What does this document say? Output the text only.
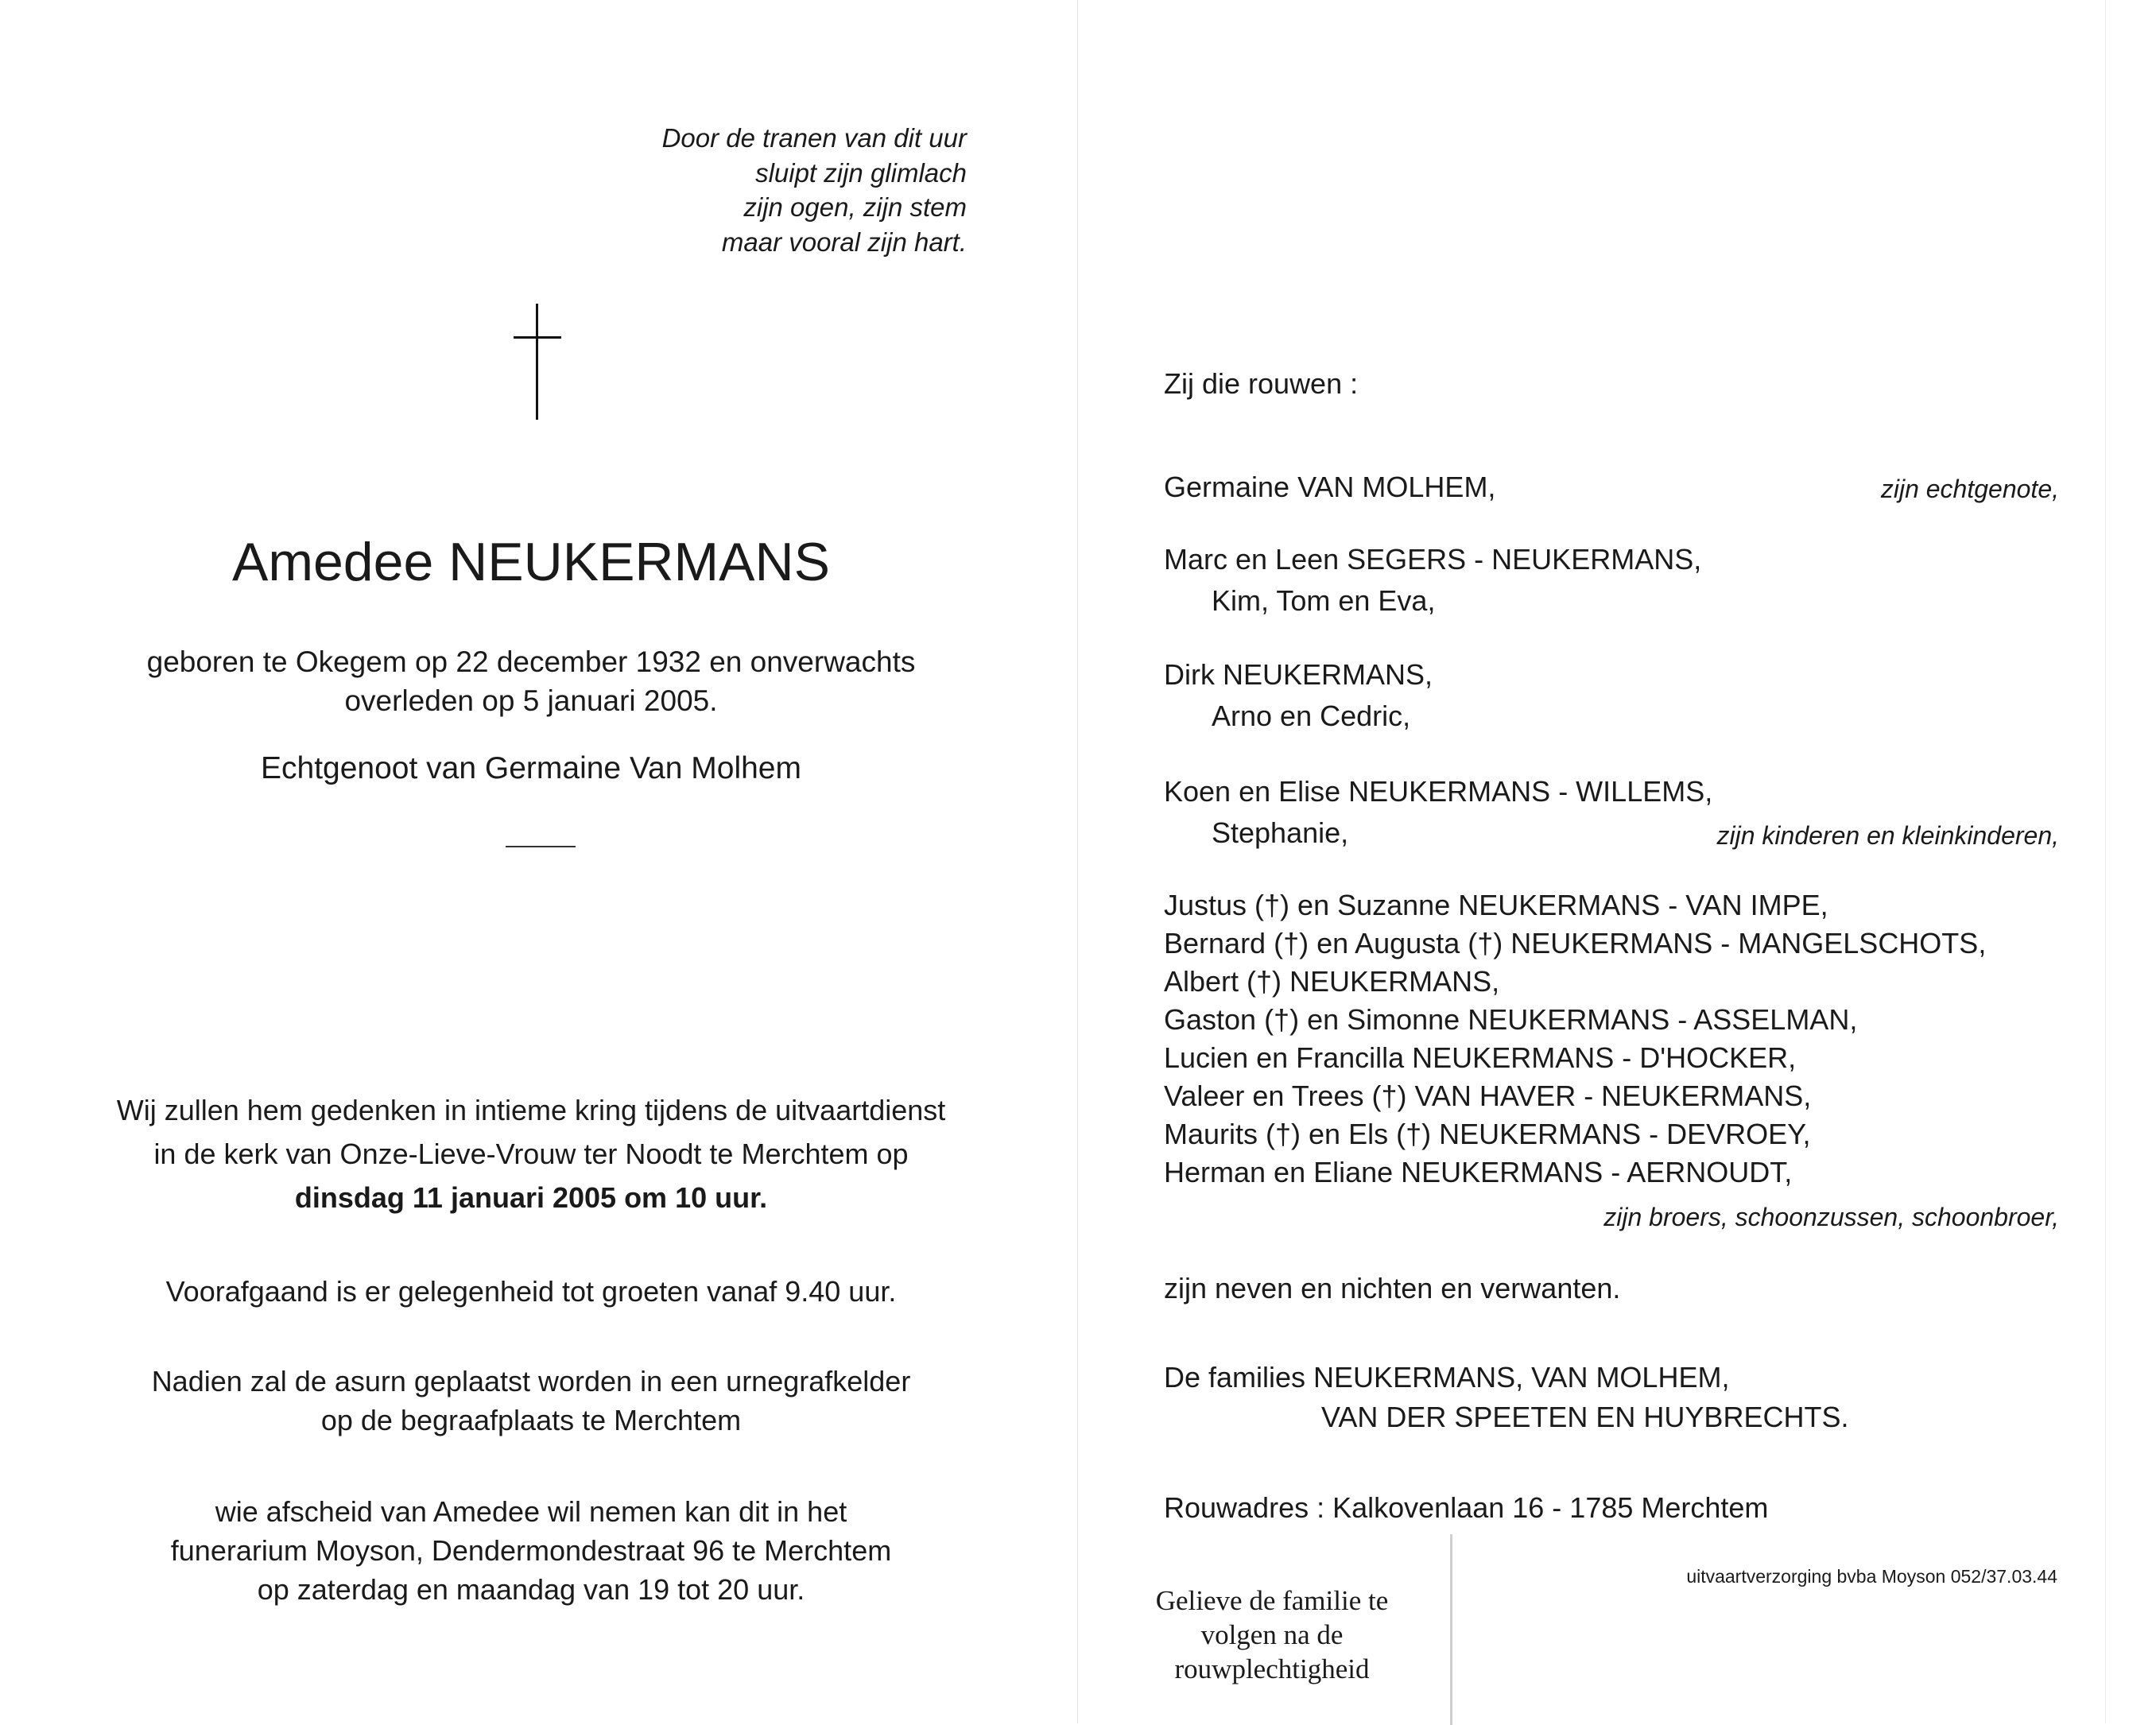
Door de tranen van dit uur
sluipt zijn glimlach
zijn ogen, zijn stem
maar vooral zijn hart.
Amedee NEUKERMANS
geboren te Okegem op 22 december 1932 en onverwachts
overleden op 5 januari 2005.
Echtgenoot van Germaine Van Molhem
Wij zullen hem gedenken in intieme kring tijdens de uitvaartdienst
in de kerk van Onze-Lieve-Vrouw ter Noodt te Merchtem op
dinsdag 11 januari 2005 om 10 uur.
Voorafgaand is er gelegenheid tot groeten vanaf 9.40 uur.
Nadien zal de asurn geplaatst worden in een urnegrafkelder
op de begraafplaats te Merchtem
wie afscheid van Amedee wil nemen kan dit in het
funerarium Moyson, Dendermondestraat 96 te Merchtem
op zaterdag en maandag van 19 tot 20 uur.
Zij die rouwen :
Germaine VAN MOLHEM,	zijn echtgenote,
Marc en Leen SEGERS - NEUKERMANS,
Kim, Tom en Eva,
Dirk NEUKERMANS,
Arno en Cedric,
Koen en Elise NEUKERMANS - WILLEMS,
Stephanie,	zijn kinderen en kleinkinderen,
Justus (†) en Suzanne NEUKERMANS - VAN IMPE,
Bernard (†) en Augusta (†) NEUKERMANS - MANGELSCHOTS,
Albert (†) NEUKERMANS,
Gaston (†) en Simonne NEUKERMANS - ASSELMAN,
Lucien en Francilla NEUKERMANS - D'HOCKER,
Valeer en Trees (†) VAN HAVER - NEUKERMANS,
Maurits (†) en Els (†) NEUKERMANS - DEVROEY,
Herman en Eliane NEUKERMANS - AERNOUDT,
zijn broers, schoonzussen, schoonbroer,
zijn neven en nichten en verwanten.
De families NEUKERMANS, VAN MOLHEM,
VAN DER SPEETEN EN HUYBRECHTS.
Rouwadres : Kalkovenlaan 16 - 1785 Merchtem
Gelieve de familie te
volgen na de
rouwplechtigheid
uitvaartverzorging bvba Moyson 052/37.03.44
